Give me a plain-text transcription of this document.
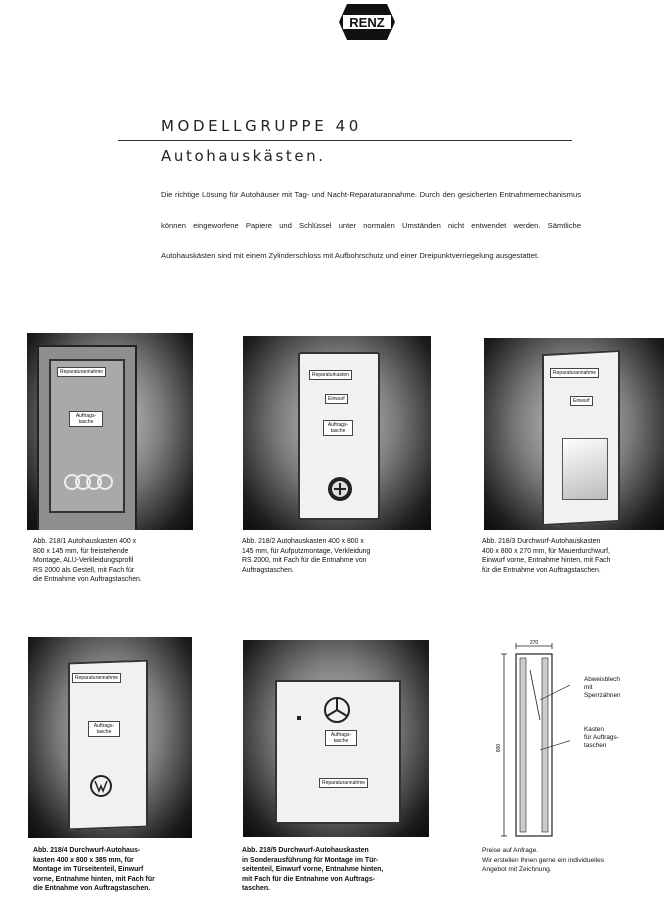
RENZ
MODELLGRUPPE 40
Autohauskästen.

Die richtige Lösung für Autohäuser mit Tag- und Nacht-Reparaturannahme. Durch den gesicherten Entnahmemechanismus können eingeworfene Papiere und Schlüssel unter normalen Umständen nicht entwendet werden. Sämtliche Autohauskästen sind mit einem Zylinderschloss mit Aufbohrschutz und einer Dreipunktverriegelung ausgestattet.

Reparaturannahme
Auftrags-tasche
Abb. 218/1 Autohauskasten 400 x
800 x 145 mm, für freistehende
Montage, ALU-Verkleidungsprofil
RS 2000 als Gestell, mit Fach für
die Entnahme von Auftragstaschen.
Reparaturkasten
Einwurf
Auftrags-tasche
Abb. 218/2 Autohauskasten 400 x 800 x
145 mm, für Aufputzmontage, Verkleidung
RS 2000, mit Fach für die Entnahme von
Auftragstaschen.
Reparaturannahme
Einwurf
Abb. 218/3 Durchwurf-Autohauskasten
400 x 800 x 270 mm, für Mauerdurchwurf,
Einwurf vorne, Entnahme hinten, mit Fach
für die Entnahme von Auftragstaschen.
Reparaturannahme
Auftrags-tasche
Abb. 218/4 Durchwurf-Autohaus-
kasten 400 x 800 x 385 mm, für
Montage im Türseitenteil, Einwurf
vorne, Entnahme hinten, mit Fach für
die Entnahme von Auftragstaschen.
Auftrags-tasche
Reparaturannahme
Abb. 218/5 Durchwurf-Autohauskasten
in Sonderausführung für Montage im Tür-
seitenteil, Einwurf vorne, Entnahme hinten,
mit Fach für die Entnahme von Auftrags-
taschen.
270
800
Abweisblech
mit
Sperrzähnen
Kasten
für Auftrags-
taschen
Preise auf Anfrage.
Wir erstellen Ihnen gerne ein individuelles
Angebot mit Zeichnung.
